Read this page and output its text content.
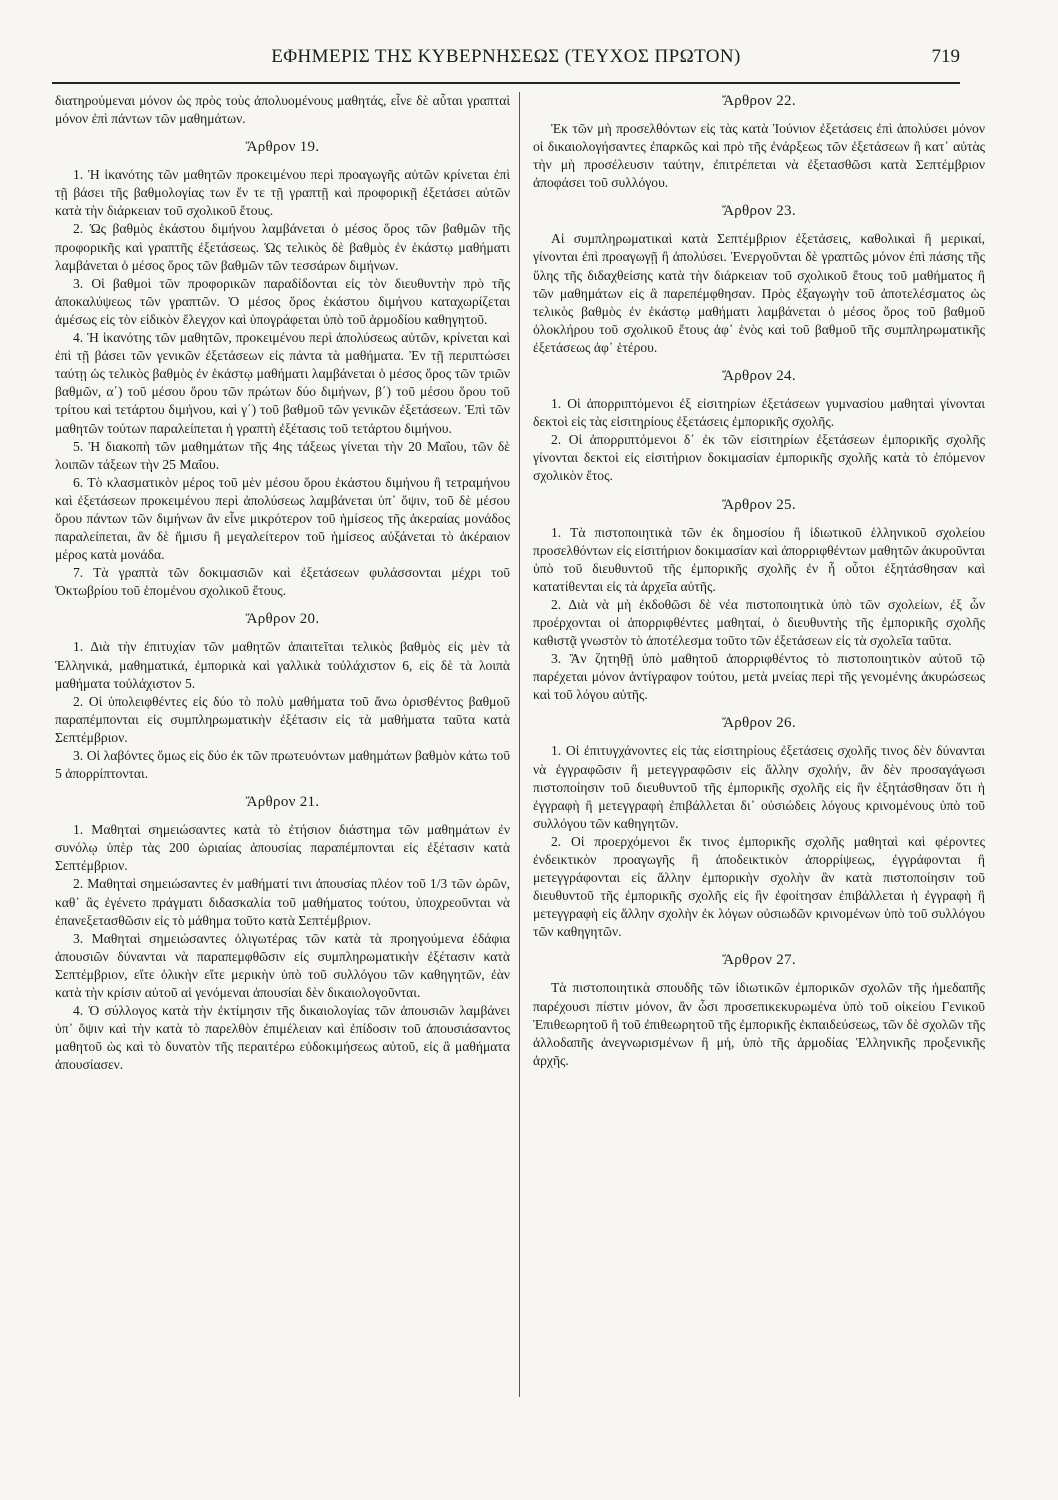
ΕΦΗΜΕΡΙΣ ΤΗΣ ΚΥΒΕΡΝΗΣΕΩΣ (ΤΕΥΧΟΣ ΠΡΩΤΟΝ)	719

διατηρούμεναι μόνον ὡς πρὸς τοὺς ἀπολυομένους μαθητάς, εἶνε δὲ αὗται γραπταὶ μόνον ἐπὶ πάντων τῶν μαθημάτων.

Ἄρθρον 19.

1. Ἡ ἱκανότης τῶν μαθητῶν προκειμένου περὶ προαγωγῆς αὐτῶν κρίνεται ἐπὶ τῇ βάσει τῆς βαθμολογίας των ἔν τε τῇ γραπτῇ καὶ προφορικῇ ἐξετάσει αὐτῶν κατὰ τὴν διάρκειαν τοῦ σχολικοῦ ἔτους.

2. Ὡς βαθμὸς ἑκάστου διμήνου λαμβάνεται ὁ μέσος ὅρος τῶν βαθμῶν τῆς προφορικῆς καὶ γραπτῆς ἐξετάσεως. Ὡς τελικὸς δὲ βαθμὸς ἐν ἑκάστῳ μαθήματι λαμβάνεται ὁ μέσος ὅρος τῶν βαθμῶν τῶν τεσσάρων διμήνων.

3. Οἱ βαθμοὶ τῶν προφορικῶν παραδίδονται εἰς τὸν διευθυντὴν πρὸ τῆς ἀποκαλύψεως τῶν γραπτῶν. Ὁ μέσος ὅρος ἑκάστου διμήνου καταχωρίζεται ἀμέσως εἰς τὸν εἰδικὸν ἔλεγχον καὶ ὑπογράφεται ὑπὸ τοῦ ἁρμοδίου καθηγητοῦ.

4. Ἡ ἱκανότης τῶν μαθητῶν, προκειμένου περὶ ἀπολύσεως αὐτῶν, κρίνεται καὶ ἐπὶ τῇ βάσει τῶν γενικῶν ἐξετάσεων εἰς πάντα τὰ μαθήματα. Ἐν τῇ περιπτώσει ταύτῃ ὡς τελικὸς βαθμὸς ἐν ἑκάστῳ μαθήματι λαμβάνεται ὁ μέσος ὅρος τῶν τριῶν βαθμῶν, α΄) τοῦ μέσου ὅρου τῶν πρώτων δύο διμήνων, β΄) τοῦ μέσου ὅρου τοῦ τρίτου καὶ τετάρτου διμήνου, καὶ γ΄) τοῦ βαθμοῦ τῶν γενικῶν ἐξετάσεων. Ἐπὶ τῶν μαθητῶν τούτων παραλείπεται ἡ γραπτὴ ἐξέτασις τοῦ τετάρτου διμήνου.

5. Ἡ διακοπὴ τῶν μαθημάτων τῆς 4ης τάξεως γίνεται τὴν 20 Μαΐου, τῶν δὲ λοιπῶν τάξεων τὴν 25 Μαΐου.

6. Τὸ κλασματικὸν μέρος τοῦ μὲν μέσου ὅρου ἑκάστου διμήνου ἢ τετραμήνου καὶ ἐξετάσεων προκειμένου περὶ ἀπολύσεως λαμβάνεται ὑπ᾽ ὄψιν, τοῦ δὲ μέσου ὅρου πάντων τῶν διμήνων ἂν εἶνε μικρότερον τοῦ ἡμίσεος τῆς ἀκεραίας μονάδος παραλείπεται, ἂν δὲ ἥμισυ ἢ μεγαλείτερον τοῦ ἡμίσεος αὐξάνεται τὸ ἀκέραιον μέρος κατὰ μονάδα.

7. Τὰ γραπτὰ τῶν δοκιμασιῶν καὶ ἐξετάσεων φυλάσσονται μέχρι τοῦ Ὀκτωβρίου τοῦ ἑπομένου σχολικοῦ ἔτους.

Ἄρθρον 20.

1. Διὰ τὴν ἐπιτυχίαν τῶν μαθητῶν ἀπαιτεῖται τελικὸς βαθμὸς εἰς μὲν τὰ Ἑλληνικά, μαθηματικά, ἐμπορικὰ καὶ γαλλικὰ τοὐλάχιστον 6, εἰς δὲ τὰ λοιπὰ μαθήματα τοὐλάχιστον 5.

2. Οἱ ὑπολειφθέντες εἰς δύο τὸ πολὺ μαθήματα τοῦ ἄνω ὁρισθέντος βαθμοῦ παραπέμπονται εἰς συμπληρωματικὴν ἐξέτασιν εἰς τὰ μαθήματα ταῦτα κατὰ Σεπτέμβριον.

3. Οἱ λαβόντες ὅμως εἰς δύο ἐκ τῶν πρωτευόντων μαθημάτων βαθμὸν κάτω τοῦ 5 ἀπορρίπτονται.

Ἄρθρον 21.

1. Μαθηταὶ σημειώσαντες κατὰ τὸ ἐτήσιον διάστημα τῶν μαθημάτων ἐν συνόλῳ ὑπὲρ τὰς 200 ὡριαίας ἀπουσίας παραπέμπονται εἰς ἐξέτασιν κατὰ Σεπτέμβριον.

2. Μαθηταὶ σημειώσαντες ἐν μαθήματί τινι ἀπουσίας πλέον τοῦ 1/3 τῶν ὡρῶν, καθ᾽ ἃς ἐγένετο πράγματι διδασκαλία τοῦ μαθήματος τούτου, ὑποχρεοῦνται νὰ ἐπανεξετασθῶσιν εἰς τὸ μάθημα τοῦτο κατὰ Σεπτέμβριον.

3. Μαθηταὶ σημειώσαντες ὀλιγωτέρας τῶν κατὰ τὰ προηγούμενα ἐδάφια ἀπουσιῶν δύνανται νὰ παραπεμφθῶσιν εἰς συμπληρωματικὴν ἐξέτασιν κατὰ Σεπτέμβριον, εἴτε ὁλικὴν εἴτε μερικὴν ὑπὸ τοῦ συλλόγου τῶν καθηγητῶν, ἐὰν κατὰ τὴν κρίσιν αὐτοῦ αἱ γενόμεναι ἀπουσίαι δὲν δικαιολογοῦνται.

4. Ὁ σύλλογος κατὰ τὴν ἐκτίμησιν τῆς δικαιολογίας τῶν ἀπουσιῶν λαμβάνει ὑπ᾽ ὄψιν καὶ τὴν κατὰ τὸ παρελθὸν ἐπιμέλειαν καὶ ἐπίδοσιν τοῦ ἀπουσιάσαντος μαθητοῦ ὡς καὶ τὸ δυνατὸν τῆς περαιτέρω εὐδοκιμήσεως αὐτοῦ, εἰς ἃ μαθήματα ἀπουσίασεν.

Ἄρθρον 22.

Ἐκ τῶν μὴ προσελθόντων εἰς τὰς κατὰ Ἰούνιον ἐξετάσεις ἐπὶ ἀπολύσει μόνον οἱ δικαιολογήσαντες ἐπαρκῶς καὶ πρὸ τῆς ἐνάρξεως τῶν ἐξετάσεων ἢ κατ᾽ αὐτὰς τὴν μὴ προσέλευσιν ταύτην, ἐπιτρέπεται νὰ ἐξετασθῶσι κατὰ Σεπτέμβριον ἀποφάσει τοῦ συλλόγου.

Ἄρθρον 23.

Αἱ συμπληρωματικαὶ κατὰ Σεπτέμβριον ἐξετάσεις, καθολικαὶ ἢ μερικαί, γίνονται ἐπὶ προαγωγῇ ἢ ἀπολύσει. Ἐνεργοῦνται δὲ γραπτῶς μόνον ἐπὶ πάσης τῆς ὕλης τῆς διδαχθείσης κατὰ τὴν διάρκειαν τοῦ σχολικοῦ ἔτους τοῦ μαθήματος ἢ τῶν μαθημάτων εἰς ἃ παρεπέμφθησαν. Πρὸς ἐξαγωγὴν τοῦ ἀποτελέσματος ὡς τελικὸς βαθμὸς ἐν ἑκάστῳ μαθήματι λαμβάνεται ὁ μέσος ὅρος τοῦ βαθμοῦ ὁλοκλήρου τοῦ σχολικοῦ ἔτους ἀφ᾽ ἑνὸς καὶ τοῦ βαθμοῦ τῆς συμπληρωματικῆς ἐξετάσεως ἀφ᾽ ἑτέρου.

Ἄρθρον 24.

1. Οἱ ἀπορριπτόμενοι ἐξ εἰσιτηρίων ἐξετάσεων γυμνασίου μαθηταὶ γίνονται δεκτοὶ εἰς τὰς εἰσιτηρίους ἐξετάσεις ἐμπορικῆς σχολῆς.

2. Οἱ ἀπορριπτόμενοι δ᾽ ἐκ τῶν εἰσιτηρίων ἐξετάσεων ἐμπορικῆς σχολῆς γίνονται δεκτοὶ εἰς εἰσιτήριον δοκιμασίαν ἐμπορικῆς σχολῆς κατὰ τὸ ἑπόμενον σχολικὸν ἔτος.

Ἄρθρον 25.

1. Τὰ πιστοποιητικὰ τῶν ἐκ δημοσίου ἢ ἰδιωτικοῦ ἑλληνικοῦ σχολείου προσελθόντων εἰς εἰσιτήριον δοκιμασίαν καὶ ἀπορριφθέντων μαθητῶν ἀκυροῦνται ὑπὸ τοῦ διευθυντοῦ τῆς ἐμπορικῆς σχολῆς ἐν ἧ οὗτοι ἐξητάσθησαν καὶ κατατίθενται εἰς τὰ ἀρχεῖα αὐτῆς.

2. Διὰ νὰ μὴ ἐκδοθῶσι δὲ νέα πιστοποιητικὰ ὑπὸ τῶν σχολείων, ἐξ ὧν προέρχονται οἱ ἀπορριφθέντες μαθηταί, ὁ διευθυντὴς τῆς ἐμπορικῆς σχολῆς καθιστᾷ γνωστὸν τὸ ἀποτέλεσμα τοῦτο τῶν ἐξετάσεων εἰς τὰ σχολεῖα ταῦτα.

3. Ἂν ζητηθῇ ὑπὸ μαθητοῦ ἀπορριφθέντος τὸ πιστοποιητικὸν αὐτοῦ τῷ παρέχεται μόνον ἀντίγραφον τούτου, μετὰ μνείας περὶ τῆς γενομένης ἀκυρώσεως καὶ τοῦ λόγου αὐτῆς.

Ἄρθρον 26.

1. Οἱ ἐπιτυγχάνοντες εἰς τὰς εἰσιτηρίους ἐξετάσεις σχολῆς τινος δὲν δύνανται νὰ ἐγγραφῶσιν ἢ μετεγγραφῶσιν εἰς ἄλλην σχολήν, ἂν δὲν προσαγάγωσι πιστοποίησιν τοῦ διευθυντοῦ τῆς ἐμπορικῆς σχολῆς εἰς ἣν ἐξητάσθησαν ὅτι ἡ ἐγγραφὴ ἢ μετεγγραφὴ ἐπιβάλλεται δι᾽ οὐσιώδεις λόγους κρινομένους ὑπὸ τοῦ συλλόγου τῶν καθηγητῶν.

2. Οἱ προερχόμενοι ἔκ τινος ἐμπορικῆς σχολῆς μαθηταὶ καὶ φέροντες ἐνδεικτικὸν προαγωγῆς ἢ ἀποδεικτικὸν ἀπορρίψεως, ἐγγράφονται ἢ μετεγγράφονται εἰς ἄλλην ἐμπορικὴν σχολὴν ἂν κατὰ πιστοποίησιν τοῦ διευθυντοῦ τῆς ἐμπορικῆς σχολῆς εἰς ἣν ἐφοίτησαν ἐπιβάλλεται ἡ ἐγγραφὴ ἢ μετεγγραφὴ εἰς ἄλλην σχολὴν ἐκ λόγων οὐσιωδῶν κρινομένων ὑπὸ τοῦ συλλόγου τῶν καθηγητῶν.

Ἄρθρον 27.

Τὰ πιστοποιητικὰ σπουδῆς τῶν ἰδιωτικῶν ἐμπορικῶν σχολῶν τῆς ἡμεδαπῆς παρέχουσι πίστιν μόνον, ἂν ὦσι προσεπικεκυρωμένα ὑπὸ τοῦ οἰκείου Γενικοῦ Ἐπιθεωρητοῦ ἢ τοῦ ἐπιθεωρητοῦ τῆς ἐμπορικῆς ἐκπαιδεύσεως, τῶν δὲ σχολῶν τῆς ἀλλοδαπῆς ἀνεγνωρισμένων ἢ μή, ὑπὸ τῆς ἁρμοδίας Ἑλληνικῆς προξενικῆς ἀρχῆς.
